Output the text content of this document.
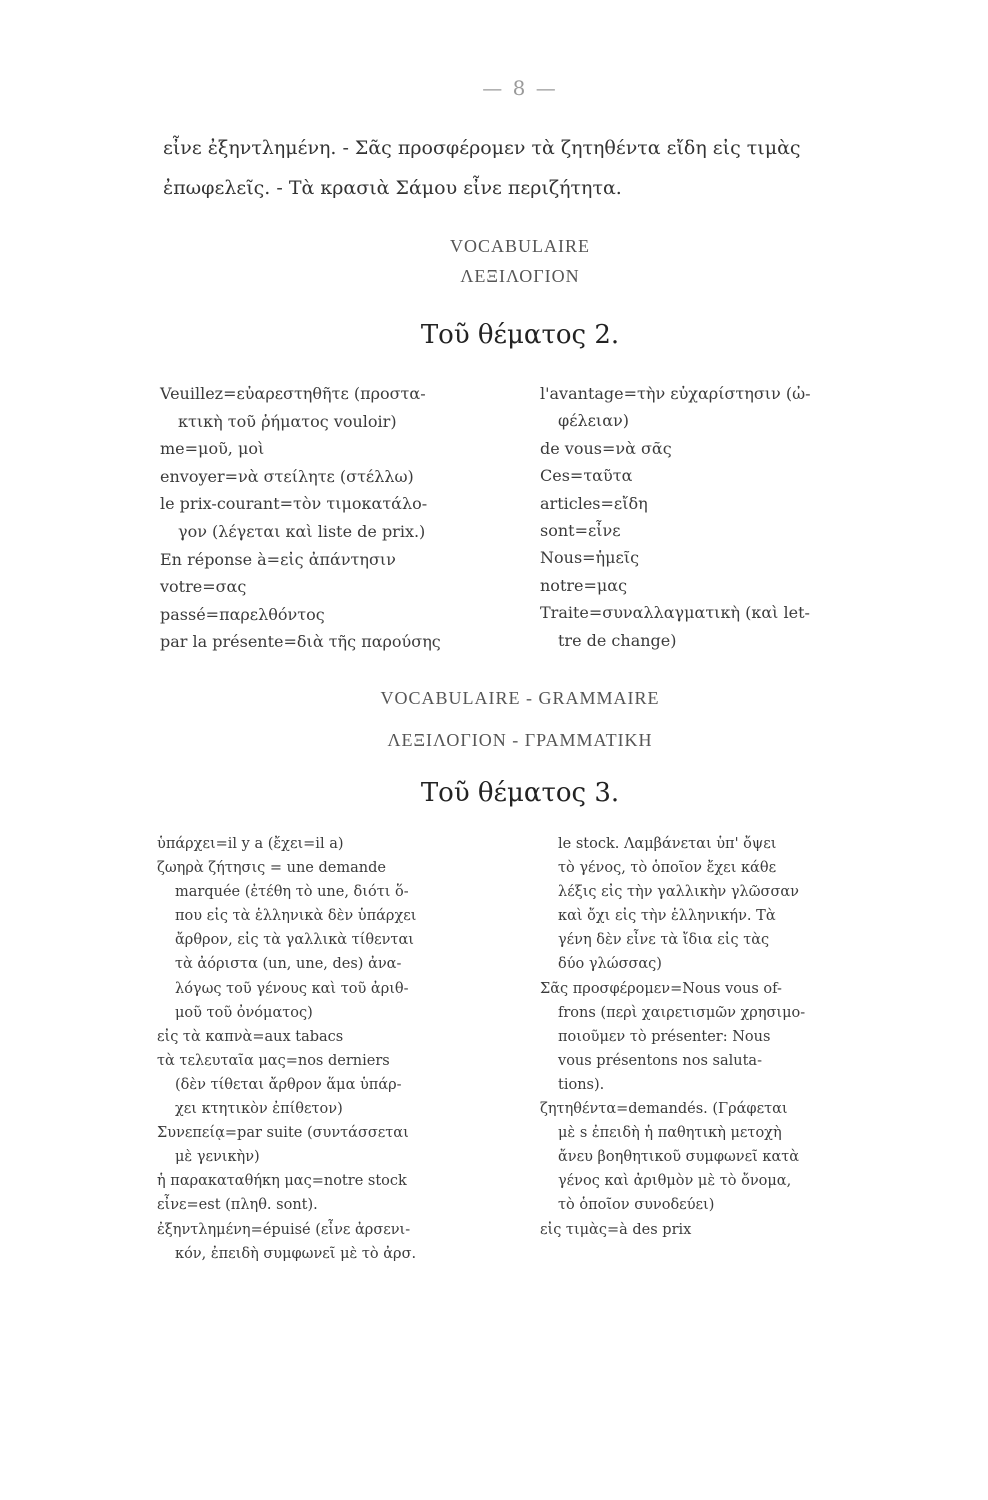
— 8 —
εἶνε ἐξηντλημένη. - Σᾶς προσφέρομεν τὰ ζητηθέντα εἴδη εἰς τιμὰς
ἐπωφελεῖς. - Τὰ κρασιὰ Σάμου εἶνε περιζήτητα.
VOCABULAIRE
ΛΕΞΙΛΟΓΙΟΝ
Τοῦ θέματος 2.
Veuillez=εὐαρεστηθῆτε (προστα-
κτικὴ τοῦ ῥήματος vouloir)
me=μοῦ, μοὶ
envoyer=νὰ στείλητε (στέλλω)
le prix-courant=τὸν τιμοκατάλο-
γον (λέγεται καὶ liste de prix.)
En réponse à=εἰς ἀπάντησιν
votre=σας
passé=παρελθόντος
par la présente=διὰ τῆς παρούσης
l'avantage=τὴν εὐχαρίστησιν (ὠ-
φέλειαν)
de vous=νὰ σᾶς
Ces=ταῦτα
articles=εἴδη
sont=εἶνε
Nous=ἡμεῖς
notre=μας
Traite=συναλλαγματικὴ (καὶ let-
tre de change)
VOCABULAIRE - GRAMMAIRE
ΛΕΞΙΛΟΓΙΟΝ - ΓΡΑΜΜΑΤΙΚΗ
Τοῦ θέματος 3.
ὑπάρχει=il y a (ἔχει=il a)
ζωηρὰ ζήτησις = une demande
marquée (ἐτέθη τὸ une, διότι ὅ-
που εἰς τὰ ἑλληνικὰ δὲν ὑπάρχει
ἄρθρον, εἰς τὰ γαλλικὰ τίθενται
τὰ ἀόριστα (un, une, des) ἀνα-
λόγως τοῦ γένους καὶ τοῦ ἀριθ-
μοῦ τοῦ ὀνόματος)
εἰς τὰ καπνὰ=aux tabacs
τὰ τελευταῖα μας=nos derniers
(δὲν τίθεται ἄρθρον ἅμα ὑπάρ-
χει κτητικὸν ἐπίθετον)
Συνεπείᾳ=par suite (συντάσσεται
μὲ γενικὴν)
ἡ παρακαταθήκη μας=notre stock
εἶνε=est (πληθ. sont).
ἐξηντλημένη=épuisé (εἶνε ἀρσενι-
κόν, ἐπειδὴ συμφωνεῖ μὲ τὸ ἀρσ.
le stock. Λαμβάνεται ὑπ' ὄψει
τὸ γένος, τὸ ὁποῖον ἔχει κάθε
λέξις εἰς τὴν γαλλικὴν γλῶσσαν
καὶ ὄχι εἰς τὴν ἑλληνικήν. Τὰ
γένη δὲν εἶνε τὰ ἴδια εἰς τὰς
δύο γλώσσας)
Σᾶς προσφέρομεν=Nous vous of-
frons (περὶ χαιρετισμῶν χρησιμο-
ποιοῦμεν τὸ présenter: Nous
vous présentons nos saluta-
tions).
ζητηθέντα=demandés. (Γράφεται
μὲ s ἐπειδὴ ἡ παθητικὴ μετοχὴ
ἄνευ βοηθητικοῦ συμφωνεῖ κατὰ
γένος καὶ ἀριθμὸν μὲ τὸ ὄνομα,
τὸ ὁποῖον συνοδεύει)
εἰς τιμὰς=à des prix
